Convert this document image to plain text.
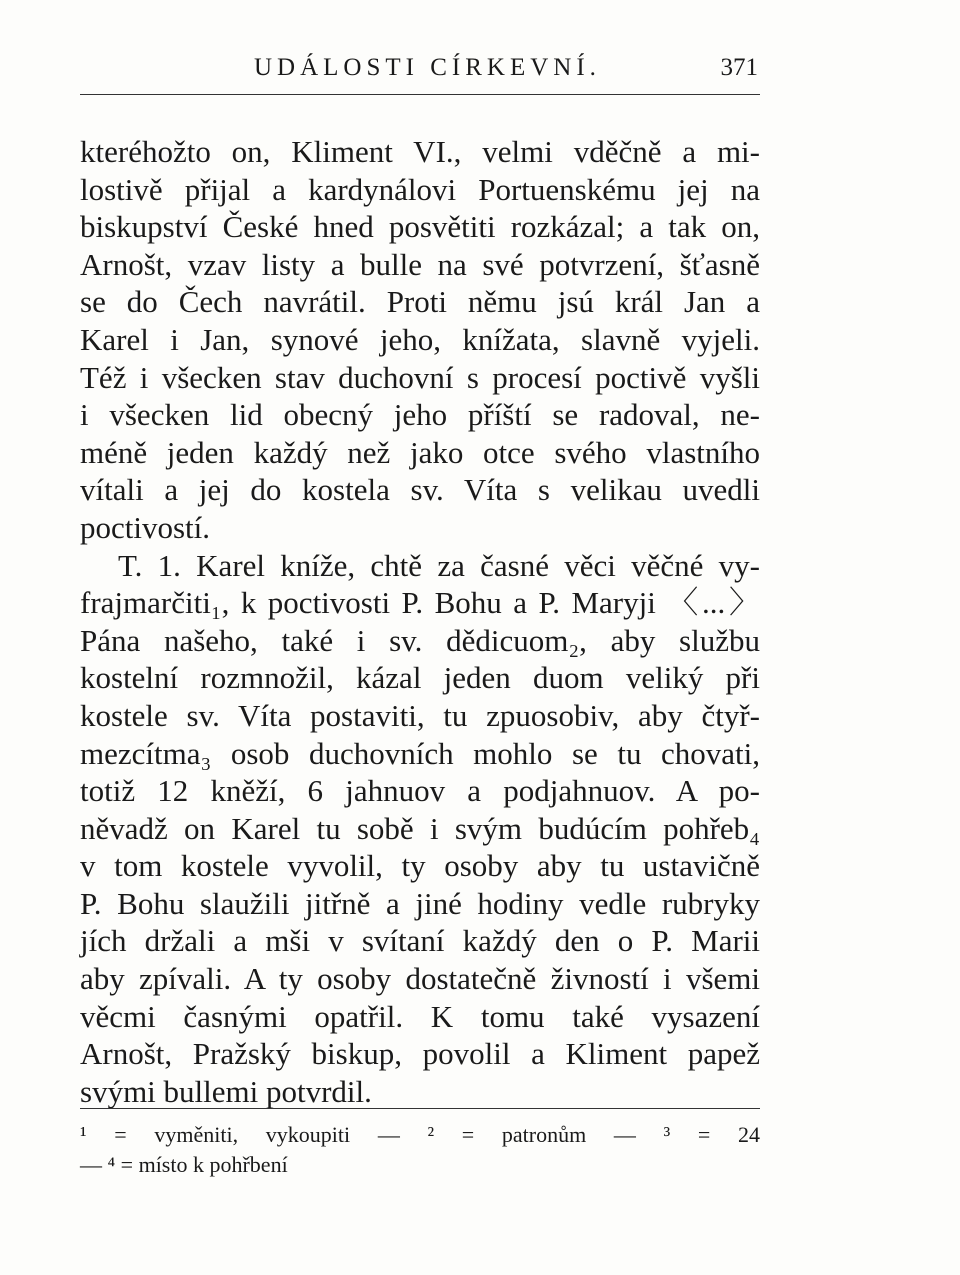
UDÁLOSTI CÍRKEVNÍ.	371
kteréhožto on, Kliment VI., velmi vděčně a mi-
lostivě přijal a kardynálovi Portuenskému jej na
biskupství České hned posvětiti rozkázal; a tak on,
Arnošt, vzav listy a bulle na své potvrzení, šťasně
se do Čech navrátil. Proti němu jsú král Jan a
Karel i Jan, synové jeho, knížata, slavně vyjeli.
Též i všecken stav duchovní s procesí poctivě vyšli
i všecken lid obecný jeho příští se radoval, ne-
méně jeden každý než jako otce svého vlastního
vítali a jej do kostela sv. Víta s velikau uvedli
poctivostí.
T. 1. Karel kníže, chtě za časné věci věčné vy-
frajmarčiti₁, k poctivosti P. Bohu a P. Maryji 〈...〉
Pána našeho, také i sv. dědicuom₂, aby službu
kostelní rozmnožil, kázal jeden duom veliký při
kostele sv. Víta postaviti, tu zpuosobiv, aby čtyř-
mezcítma₃ osob duchovních mohlo se tu chovati,
totiž 12 kněží, 6 jahnuov a podjahnuov. A po-
něvadž on Karel tu sobě i svým budúcím pohřeb₄
v tom kostele vyvolil, ty osoby aby tu ustavičně
P. Bohu slaužili jitřně a jiné hodiny vedle rubryky
jích držali a mši v svítaní každý den o P. Marii
aby zpívali. A ty osoby dostatečně živností i všemi
věcmi časnými opatřil. K tomu také vysazení
Arnošt, Pražský biskup, povolil a Kliment papež
svými bullemi potvrdil.
¹ = vyměniti, vykoupiti — ² = patronům — ³ = 24
— ⁴ = místo k pohřbení
